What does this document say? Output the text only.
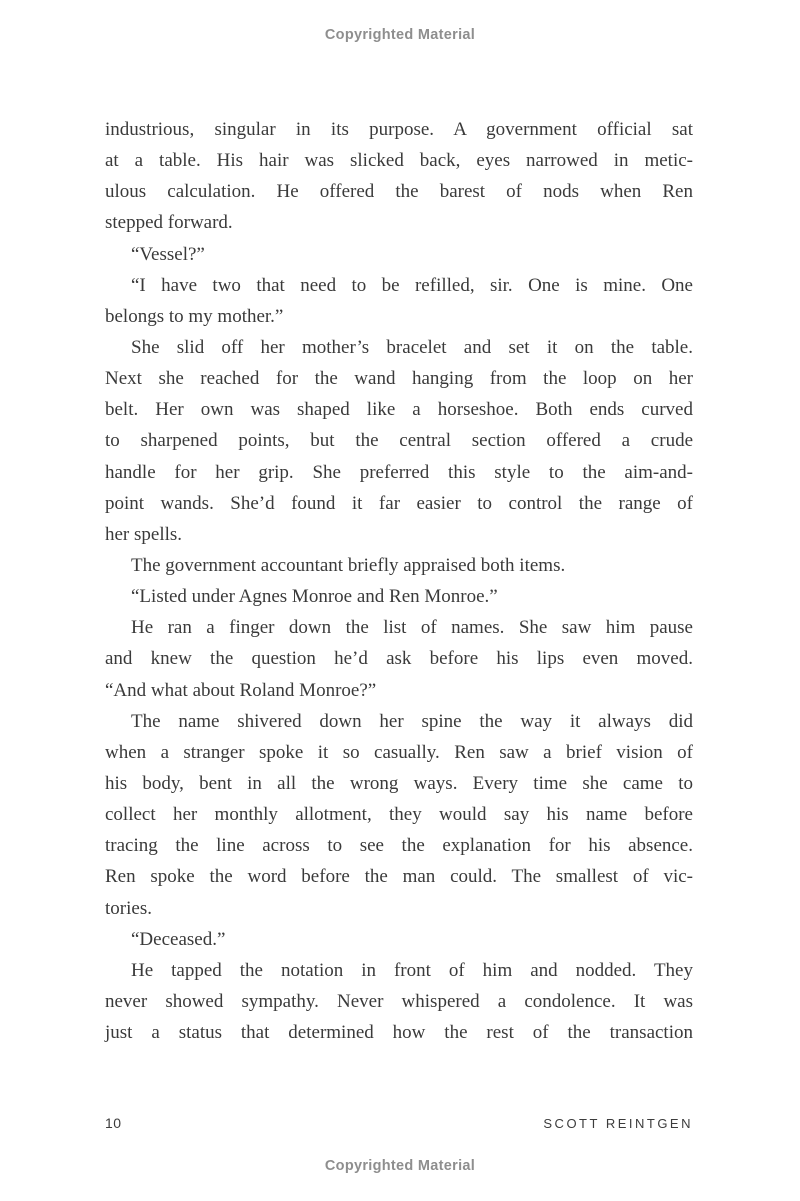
Copyrighted Material
industrious, singular in its purpose. A government official sat
at a table. His hair was slicked back, eyes narrowed in metic-
ulous calculation. He offered the barest of nods when Ren
stepped forward.
“Vessel?”
“I have two that need to be refilled, sir. One is mine. One
belongs to my mother.”
She slid off her mother’s bracelet and set it on the table.
Next she reached for the wand hanging from the loop on her
belt. Her own was shaped like a horseshoe. Both ends curved
to sharpened points, but the central section offered a crude
handle for her grip. She preferred this style to the aim-and-
point wands. She’d found it far easier to control the range of
her spells.
The government accountant briefly appraised both items.
“Listed under Agnes Monroe and Ren Monroe.”
He ran a finger down the list of names. She saw him pause
and knew the question he’d ask before his lips even moved.
“And what about Roland Monroe?”
The name shivered down her spine the way it always did
when a stranger spoke it so casually. Ren saw a brief vision of
his body, bent in all the wrong ways. Every time she came to
collect her monthly allotment, they would say his name before
tracing the line across to see the explanation for his absence.
Ren spoke the word before the man could. The smallest of vic-
tories.
“Deceased.”
He tapped the notation in front of him and nodded. They
never showed sympathy. Never whispered a condolence. It was
just a status that determined how the rest of the transaction
10	SCOTT REINTGEN
Copyrighted Material
